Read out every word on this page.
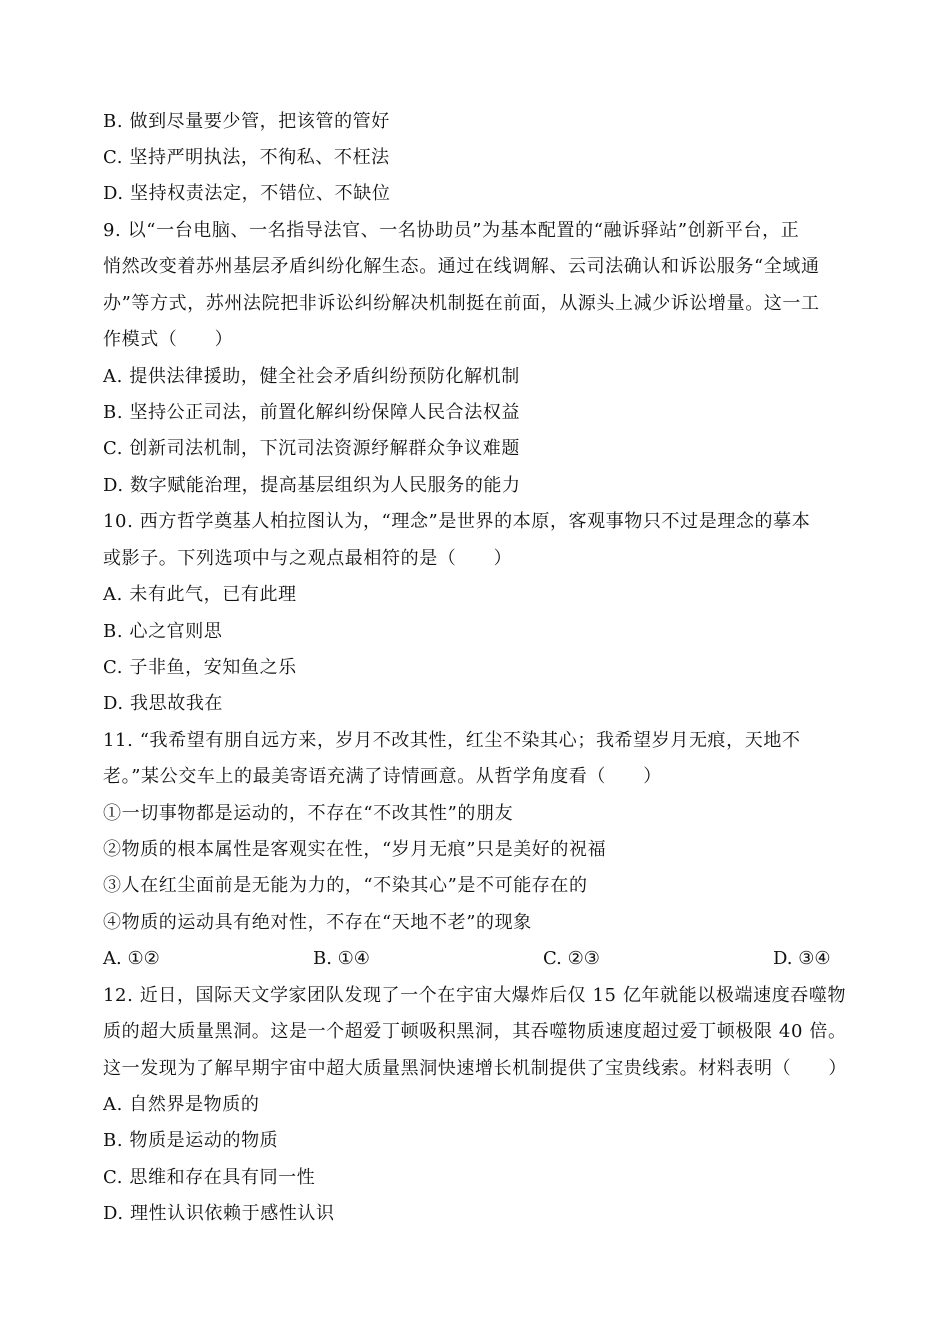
B. 做到尽量要少管，把该管的管好
C. 坚持严明执法，不徇私、不枉法
D. 坚持权责法定，不错位、不缺位
9. 以“一台电脑、一名指导法官、一名协助员”为基本配置的“融诉驿站”创新平台，正
悄然改变着苏州基层矛盾纠纷化解生态。通过在线调解、云司法确认和诉讼服务“全域通
办”等方式，苏州法院把非诉讼纠纷解决机制挺在前面，从源头上减少诉讼增量。这一工
作模式（　　）
A. 提供法律援助，健全社会矛盾纠纷预防化解机制
B. 坚持公正司法，前置化解纠纷保障人民合法权益
C. 创新司法机制，下沉司法资源纾解群众争议难题
D. 数字赋能治理，提高基层组织为人民服务的能力
10. 西方哲学奠基人柏拉图认为，“理念”是世界的本原，客观事物只不过是理念的摹本
或影子。下列选项中与之观点最相符的是（　　）
A. 未有此气，已有此理
B. 心之官则思
C. 子非鱼，安知鱼之乐
D. 我思故我在
11. “我希望有朋自远方来，岁月不改其性，红尘不染其心；我希望岁月无痕，天地不
老。”某公交车上的最美寄语充满了诗情画意。从哲学角度看（　　）
①一切事物都是运动的，不存在“不改其性”的朋友
②物质的根本属性是客观实在性，“岁月无痕”只是美好的祝福
③人在红尘面前是无能为力的，“不染其心”是不可能存在的
④物质的运动具有绝对性，不存在“天地不老”的现象
A. ①②	B. ①④	C. ②③	D. ③④
12. 近日，国际天文学家团队发现了一个在宇宙大爆炸后仅 15 亿年就能以极端速度吞噬物
质的超大质量黑洞。这是一个超爱丁顿吸积黑洞，其吞噬物质速度超过爱丁顿极限 40 倍。
这一发现为了解早期宇宙中超大质量黑洞快速增长机制提供了宝贵线索。材料表明（　　）
A. 自然界是物质的
B. 物质是运动的物质
C. 思维和存在具有同一性
D. 理性认识依赖于感性认识
